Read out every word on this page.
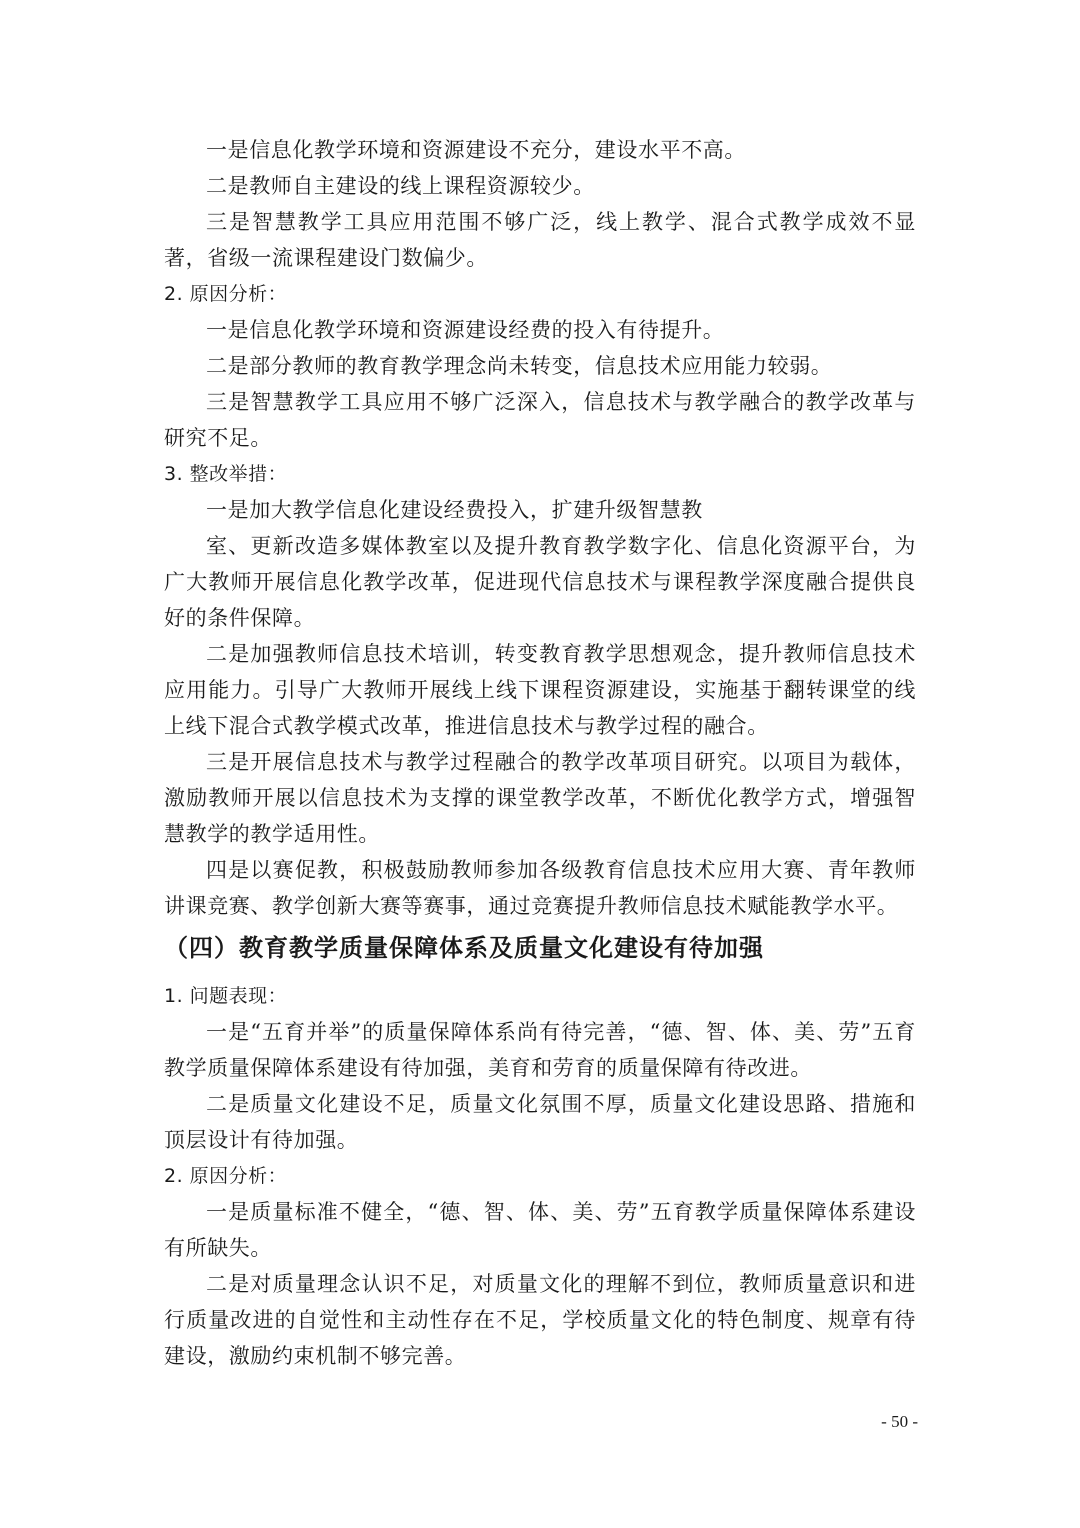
一是信息化教学环境和资源建设不充分，建设水平不高。

二是教师自主建设的线上课程资源较少。

三是智慧教学工具应用范围不够广泛，线上教学、混合式教学成效不显著，省级一流课程建设门数偏少。

2. 原因分析：

一是信息化教学环境和资源建设经费的投入有待提升。

二是部分教师的教育教学理念尚未转变，信息技术应用能力较弱。

三是智慧教学工具应用不够广泛深入，信息技术与教学融合的教学改革与研究不足。

3. 整改举措：

一是加大教学信息化建设经费投入，扩建升级智慧教

室、更新改造多媒体教室以及提升教育教学数字化、信息化资源平台，为广大教师开展信息化教学改革，促进现代信息技术与课程教学深度融合提供良好的条件保障。

二是加强教师信息技术培训，转变教育教学思想观念，提升教师信息技术应用能力。引导广大教师开展线上线下课程资源建设，实施基于翻转课堂的线上线下混合式教学模式改革，推进信息技术与教学过程的融合。

三是开展信息技术与教学过程融合的教学改革项目研究。以项目为载体，激励教师开展以信息技术为支撑的课堂教学改革，不断优化教学方式，增强智慧教学的教学适用性。

四是以赛促教，积极鼓励教师参加各级教育信息技术应用大赛、青年教师讲课竞赛、教学创新大赛等赛事，通过竞赛提升教师信息技术赋能教学水平。

（四）教育教学质量保障体系及质量文化建设有待加强

1. 问题表现：

一是“五育并举”的质量保障体系尚有待完善，“德、智、体、美、劳”五育教学质量保障体系建设有待加强，美育和劳育的质量保障有待改进。

二是质量文化建设不足，质量文化氛围不厚，质量文化建设思路、措施和顶层设计有待加强。

2. 原因分析：

一是质量标准不健全，“德、智、体、美、劳”五育教学质量保障体系建设有所缺失。

二是对质量理念认识不足，对质量文化的理解不到位，教师质量意识和进行质量改进的自觉性和主动性存在不足，学校质量文化的特色制度、规章有待建设，激励约束机制不够完善。

- 50 -
